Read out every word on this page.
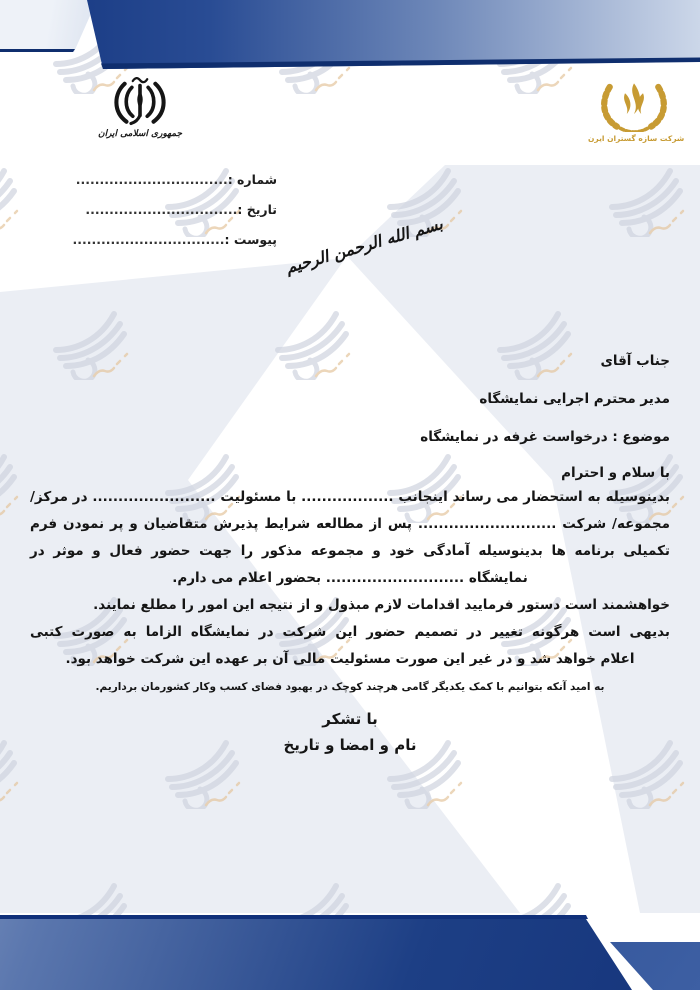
جمهوری اسلامی ایران	شرکت سازه گستران ایرن
شماره :................................
تاریخ :................................
پیوست :................................	بسم الله الرحمن الرحیم
جناب آقای
مدیر محترم اجرایی نمایشگاه
موضوع : درخواست غرفه در نمایشگاه
با سلام و احترام
بدینوسیله به استحضار می رساند اینجانب .................. با مسئولیت ........................ در مرکز/
مجموعه/ شرکت ........................... پس از مطالعه شرایط پذیرش متقاضیان و پر نمودن فرم
تکمیلی برنامه ها بدینوسیله آمادگی خود و مجموعه مذکور را جهت حضور فعال و موثر در
نمایشگاه ........................... بحضور اعلام می دارم.
خواهشمند است دستور فرمایید اقدامات لازم مبذول و از نتیجه این امور را مطلع نمایند.
بدیهی است هرگونه تغییر در تصمیم حضور این شرکت در نمایشگاه الزاما به صورت کتبی
اعلام خواهد شد و در غیر این صورت مسئولیت مالی آن بر عهده این شرکت خواهد بود.
به امید آنکه بتوانیم با کمک یکدیگر گامی هرچند کوچک در بهبود فضای کسب وکار کشورمان برداریم.
با تشکر
نام و امضا و تاریخ
